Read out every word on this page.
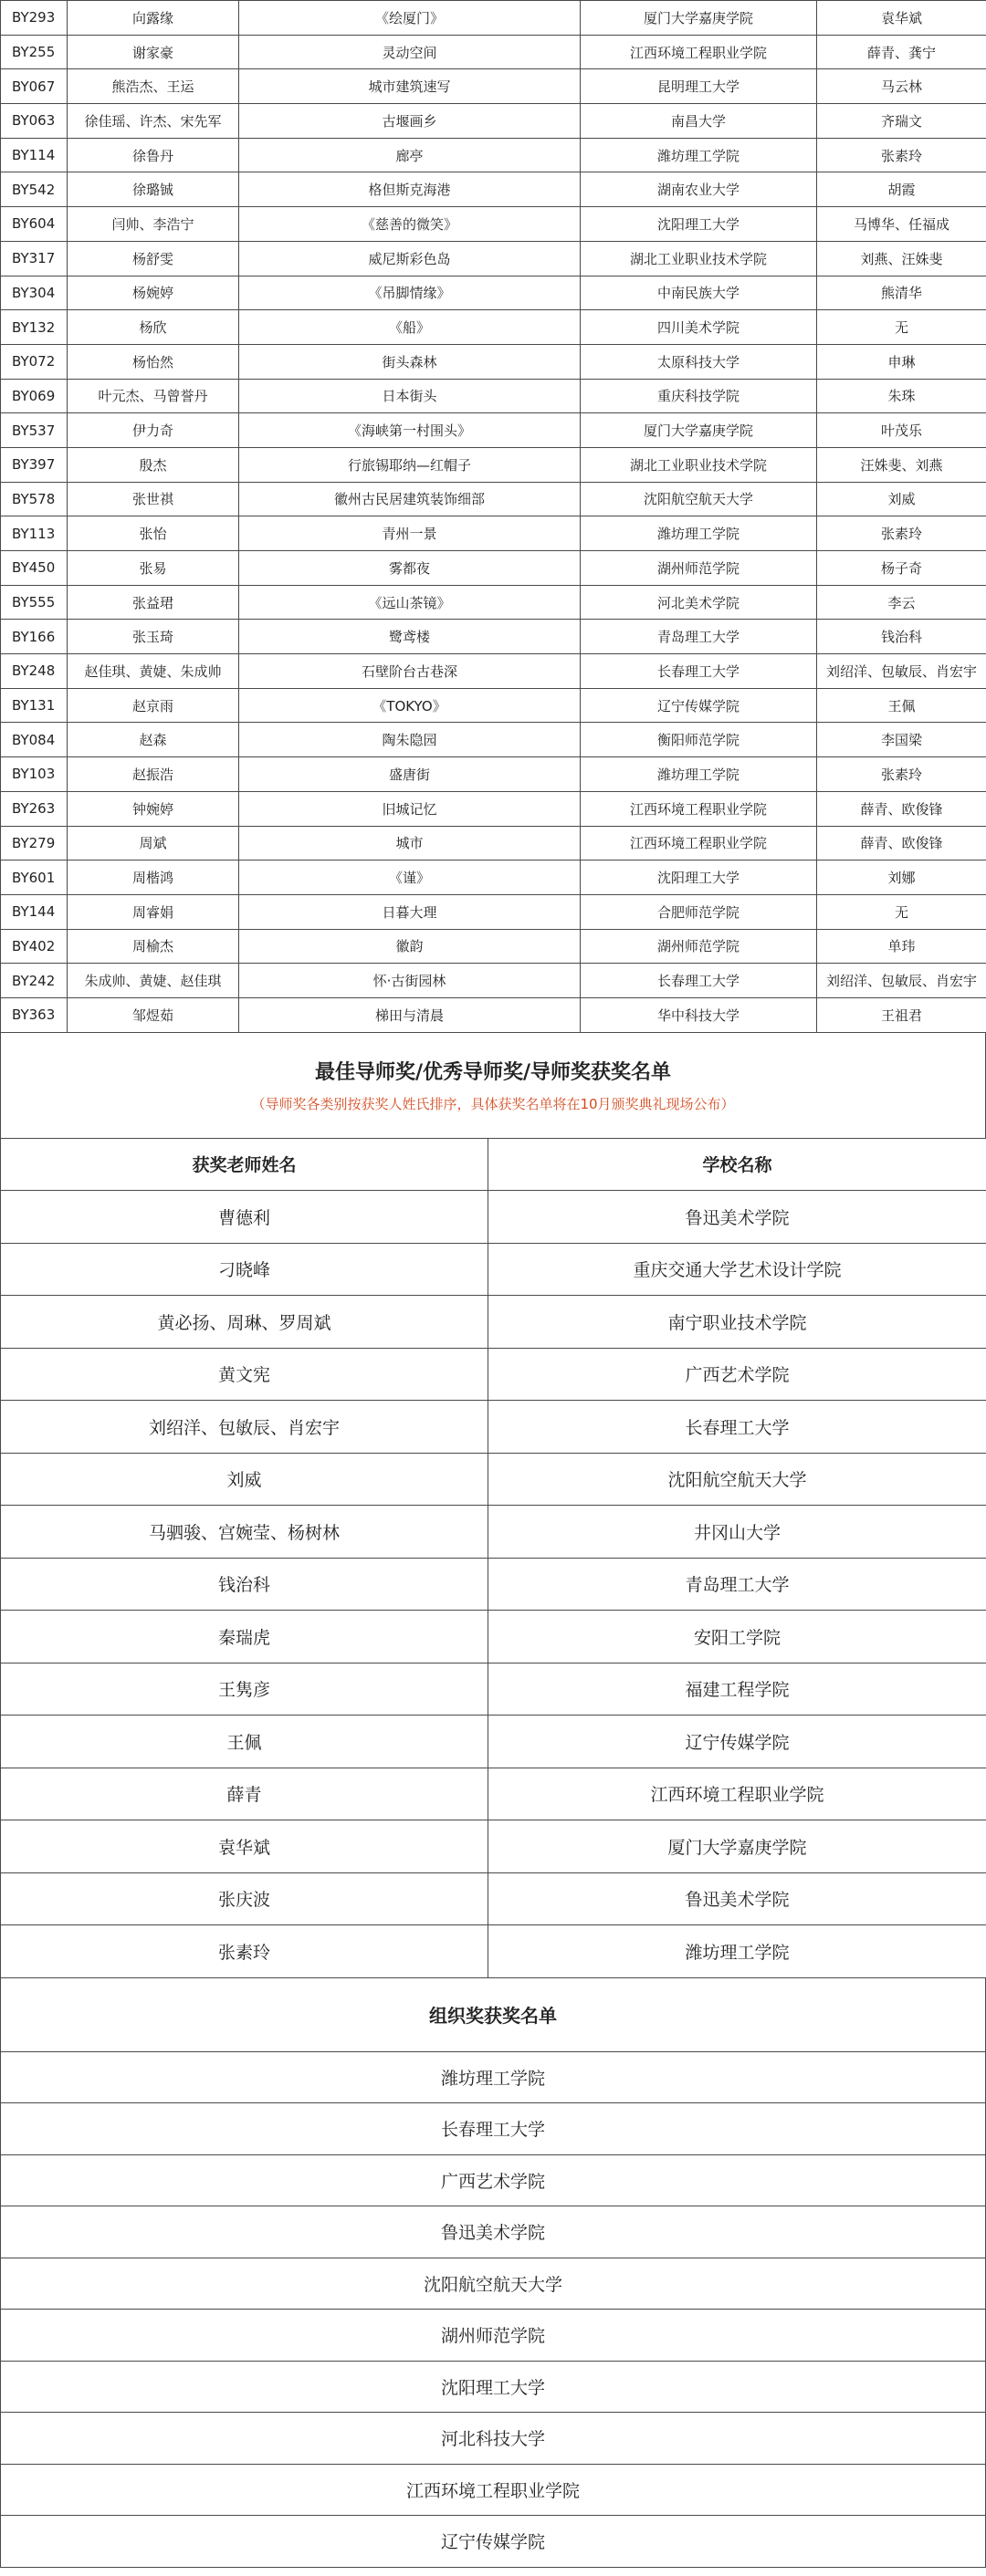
BY293	向露缘	《绘厦门》	厦门大学嘉庚学院	袁华斌
BY255	谢家豪	灵动空间	江西环境工程职业学院	薛青、龚宁
BY067	熊浩杰、王运	城市建筑速写	昆明理工大学	马云林
BY063	徐佳瑶、许杰、宋先军	古堰画乡	南昌大学	齐瑞文
BY114	徐鲁丹	廊亭	潍坊理工学院	张素玲
BY542	徐璐铖	格但斯克海港	湖南农业大学	胡霞
BY604	闫帅、李浩宁	《慈善的微笑》	沈阳理工大学	马博华、任福成
BY317	杨舒雯	威尼斯彩色岛	湖北工业职业技术学院	刘燕、汪姝斐
BY304	杨婉婷	《吊脚情缘》	中南民族大学	熊清华
BY132	杨欣	《船》	四川美术学院	无
BY072	杨怡然	街头森林	太原科技大学	申琳
BY069	叶元杰、马曾誉丹	日本街头	重庆科技学院	朱珠
BY537	伊力奇	《海峡第一村围头》	厦门大学嘉庚学院	叶茂乐
BY397	殷杰	行旅锡耶纳—红帽子	湖北工业职业技术学院	汪姝斐、刘燕
BY578	张世祺	徽州古民居建筑装饰细部	沈阳航空航天大学	刘威
BY113	张怡	青州一景	潍坊理工学院	张素玲
BY450	张易	雾都夜	湖州师范学院	杨子奇
BY555	张益珺	《远山茶镜》	河北美术学院	李云
BY166	张玉琦	鹭鸢楼	青岛理工大学	钱治科
BY248	赵佳琪、黄婕、朱成帅	石壁阶台古巷深	长春理工大学	刘绍洋、包敏辰、肖宏宇
BY131	赵京雨	《TOKYO》	辽宁传媒学院	王佩
BY084	赵森	陶朱隐园	衡阳师范学院	李国梁
BY103	赵振浩	盛唐街	潍坊理工学院	张素玲
BY263	钟婉婷	旧城记忆	江西环境工程职业学院	薛青、欧俊锋
BY279	周斌	城市	江西环境工程职业学院	薛青、欧俊锋
BY601	周楷鸿	《谨》	沈阳理工大学	刘娜
BY144	周睿娟	日暮大理	合肥师范学院	无
BY402	周榆杰	徽韵	湖州师范学院	单玮
BY242	朱成帅、黄婕、赵佳琪	怀·古街园林	长春理工大学	刘绍洋、包敏辰、肖宏宇
BY363	邹煜茹	梯田与清晨	华中科技大学	王祖君
最佳导师奖/优秀导师奖/导师奖获奖名单
（导师奖各类别按获奖人姓氏排序，具体获奖名单将在10月颁奖典礼现场公布）
获奖老师姓名	学校名称
曹德利	鲁迅美术学院
刁晓峰	重庆交通大学艺术设计学院
黄必扬、周琳、罗周斌	南宁职业技术学院
黄文宪	广西艺术学院
刘绍洋、包敏辰、肖宏宇	长春理工大学
刘威	沈阳航空航天大学
马驷骏、宫婉莹、杨树林	井冈山大学
钱治科	青岛理工大学
秦瑞虎	安阳工学院
王隽彦	福建工程学院
王佩	辽宁传媒学院
薛青	江西环境工程职业学院
袁华斌	厦门大学嘉庚学院
张庆波	鲁迅美术学院
张素玲	潍坊理工学院
组织奖获奖名单
潍坊理工学院
长春理工大学
广西艺术学院
鲁迅美术学院
沈阳航空航天大学
湖州师范学院
沈阳理工大学
河北科技大学
江西环境工程职业学院
辽宁传媒学院
